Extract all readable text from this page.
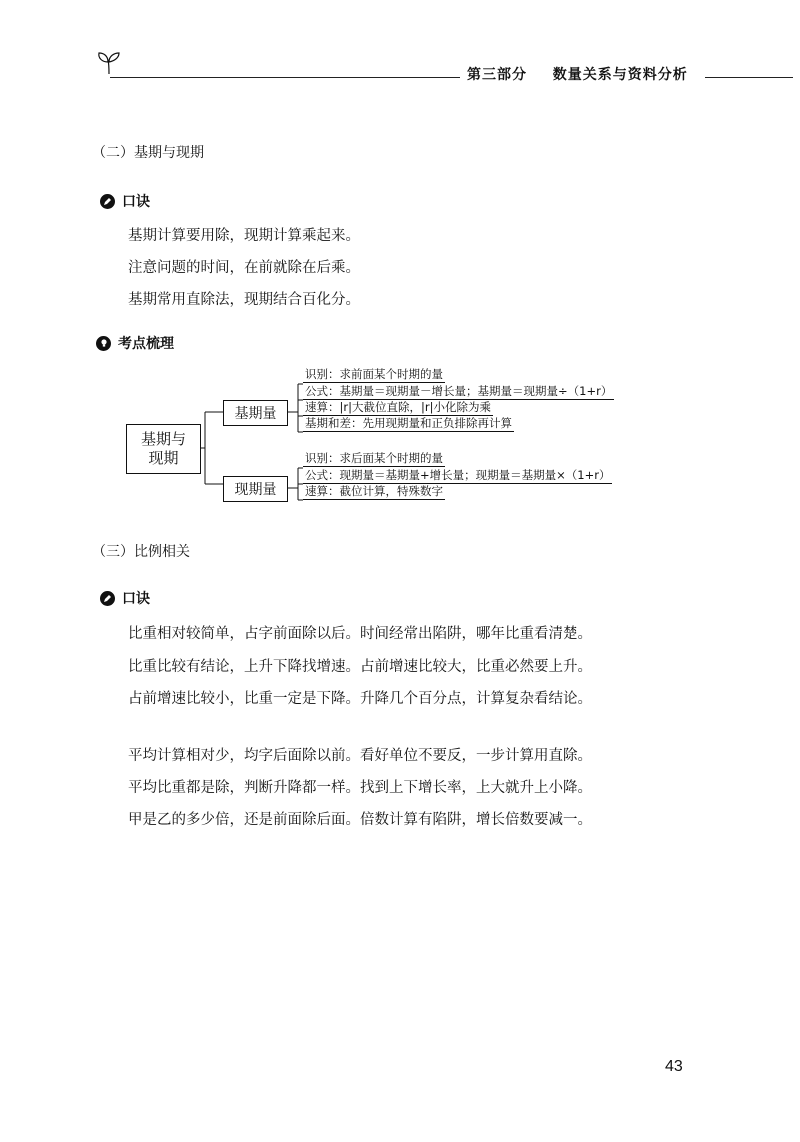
第三部分 数量关系与资料分析
（二）基期与现期
口诀
基期计算要用除，现期计算乘起来。
注意问题的时间，在前就除在后乘。
基期常用直除法，现期结合百化分。
考点梳理
基期与
现期
基期量
现期量
识别：求前面某个时期的量
公式：基期量＝现期量－增长量；基期量＝现期量÷（1+r）
速算：|r|大截位直除，|r|小化除为乘
基期和差：先用现期量和正负排除再计算
识别：求后面某个时期的量
公式：现期量＝基期量+增长量；现期量＝基期量×（1+r）
速算：截位计算，特殊数字
（三）比例相关
口诀
比重相对较简单，占字前面除以后。时间经常出陷阱，哪年比重看清楚。
比重比较有结论，上升下降找增速。占前增速比较大，比重必然要上升。
占前增速比较小，比重一定是下降。升降几个百分点，计算复杂看结论。
平均计算相对少，均字后面除以前。看好单位不要反，一步计算用直除。
平均比重都是除，判断升降都一样。找到上下增长率，上大就升上小降。
甲是乙的多少倍，还是前面除后面。倍数计算有陷阱，增长倍数要减一。
43
